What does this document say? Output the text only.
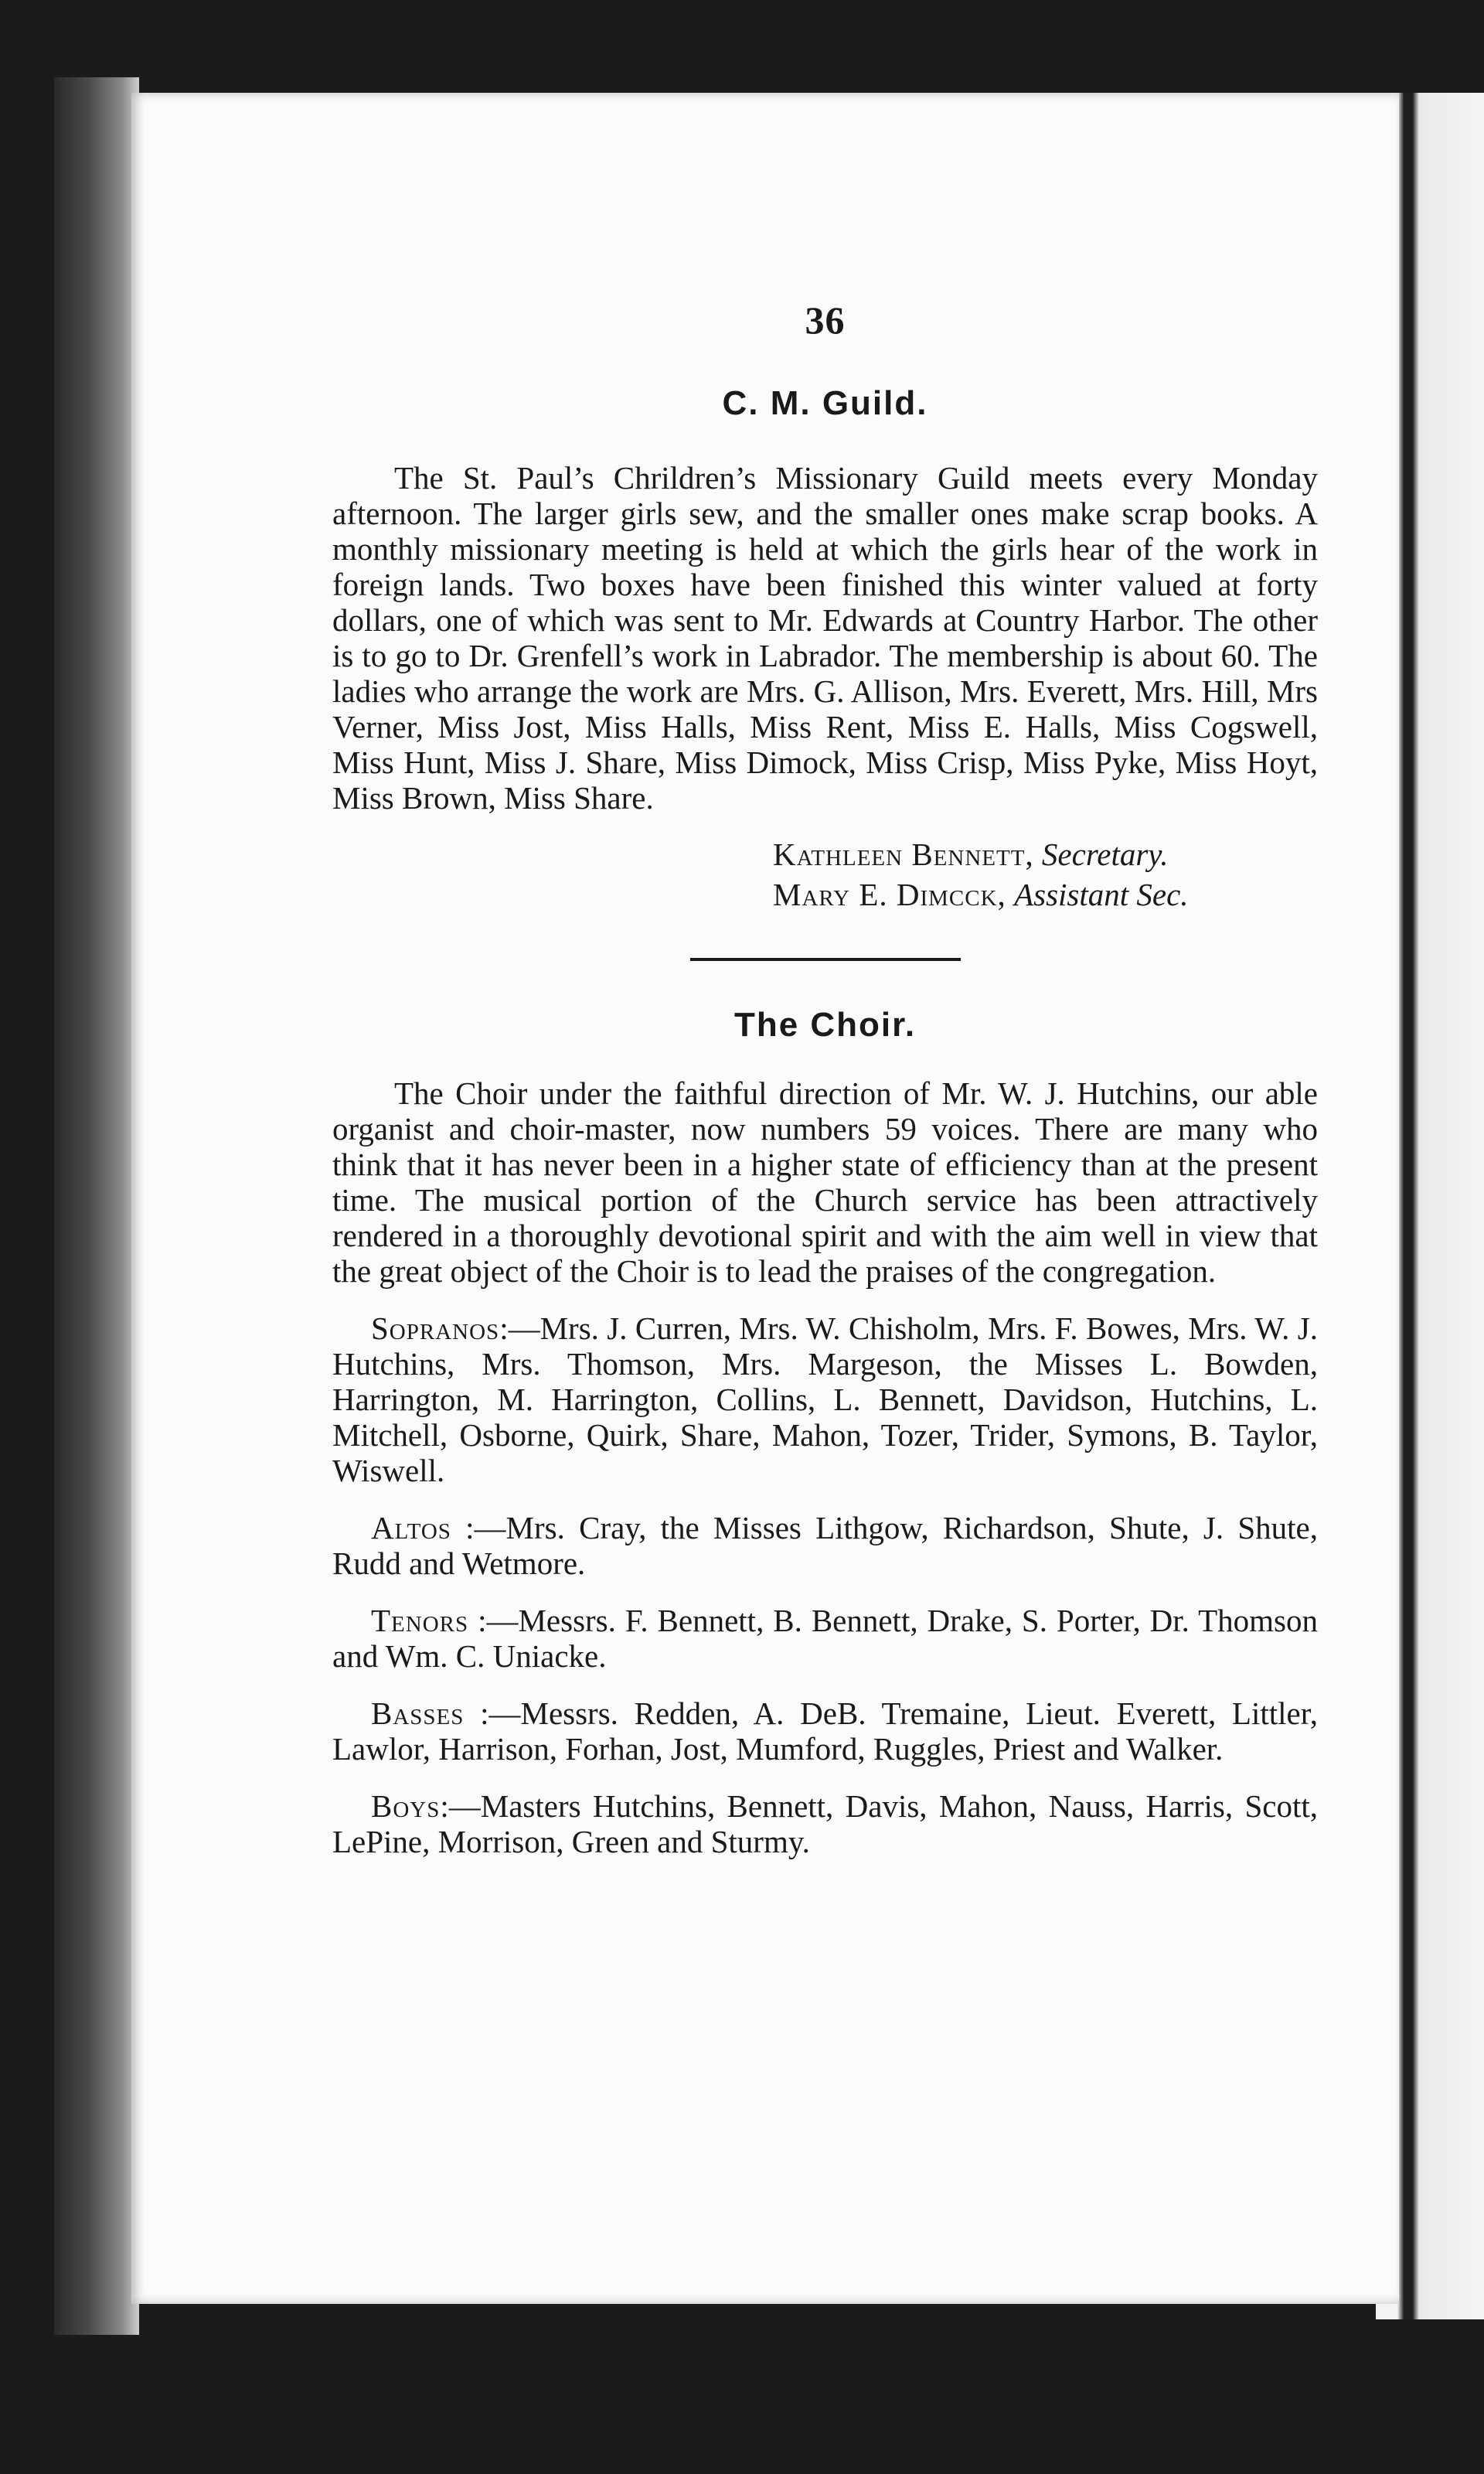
36
C. M. Guild.

The St. Paul’s Chrildren’s Missionary Guild meets every Monday afternoon. The larger girls sew, and the smaller ones make scrap books. A monthly missionary meeting is held at which the girls hear of the work in foreign lands. Two boxes have been finished this winter valued at forty dollars, one of which was sent to Mr. Edwards at Country Harbor. The other is to go to Dr. Grenfell’s work in Labrador. The membership is about 60. The ladies who arrange the work are Mrs. G. Allison, Mrs. Everett, Mrs. Hill, Mrs Verner, Miss Jost, Miss Halls, Miss Rent, Miss E. Halls, Miss Cogswell, Miss Hunt, Miss J. Share, Miss Dimock, Miss Crisp, Miss Pyke, Miss Hoyt, Miss Brown, Miss Share.

Kathleen Bennett, Secretary.
Mary E. Dimcck, Assistant Sec.
The Choir.

The Choir under the faithful direction of Mr. W. J. Hutchins, our able organist and choir-master, now numbers 59 voices. There are many who think that it has never been in a higher state of efficiency than at the present time. The musical portion of the Church service has been attractively rendered in a thoroughly devotional spirit and with the aim well in view that the great object of the Choir is to lead the praises of the congregation.

Sopranos:—Mrs. J. Curren, Mrs. W. Chisholm, Mrs. F. Bowes, Mrs. W. J. Hutchins, Mrs. Thomson, Mrs. Margeson, the Misses L. Bowden, Harrington, M. Harrington, Collins, L. Bennett, Davidson, Hutchins, L. Mitchell, Osborne, Quirk, Share, Mahon, Tozer, Trider, Symons, B. Taylor, Wiswell.

Altos :—Mrs. Cray, the Misses Lithgow, Richardson, Shute, J. Shute, Rudd and Wetmore.

Tenors :—Messrs. F. Bennett, B. Bennett, Drake, S. Porter, Dr. Thomson and Wm. C. Uniacke.

Basses :—Messrs. Redden, A. DeB. Tremaine, Lieut. Everett, Littler, Lawlor, Harrison, Forhan, Jost, Mumford, Ruggles, Priest and Walker.

Boys:—Masters Hutchins, Bennett, Davis, Mahon, Nauss, Harris, Scott, LePine, Morrison, Green and Sturmy.
